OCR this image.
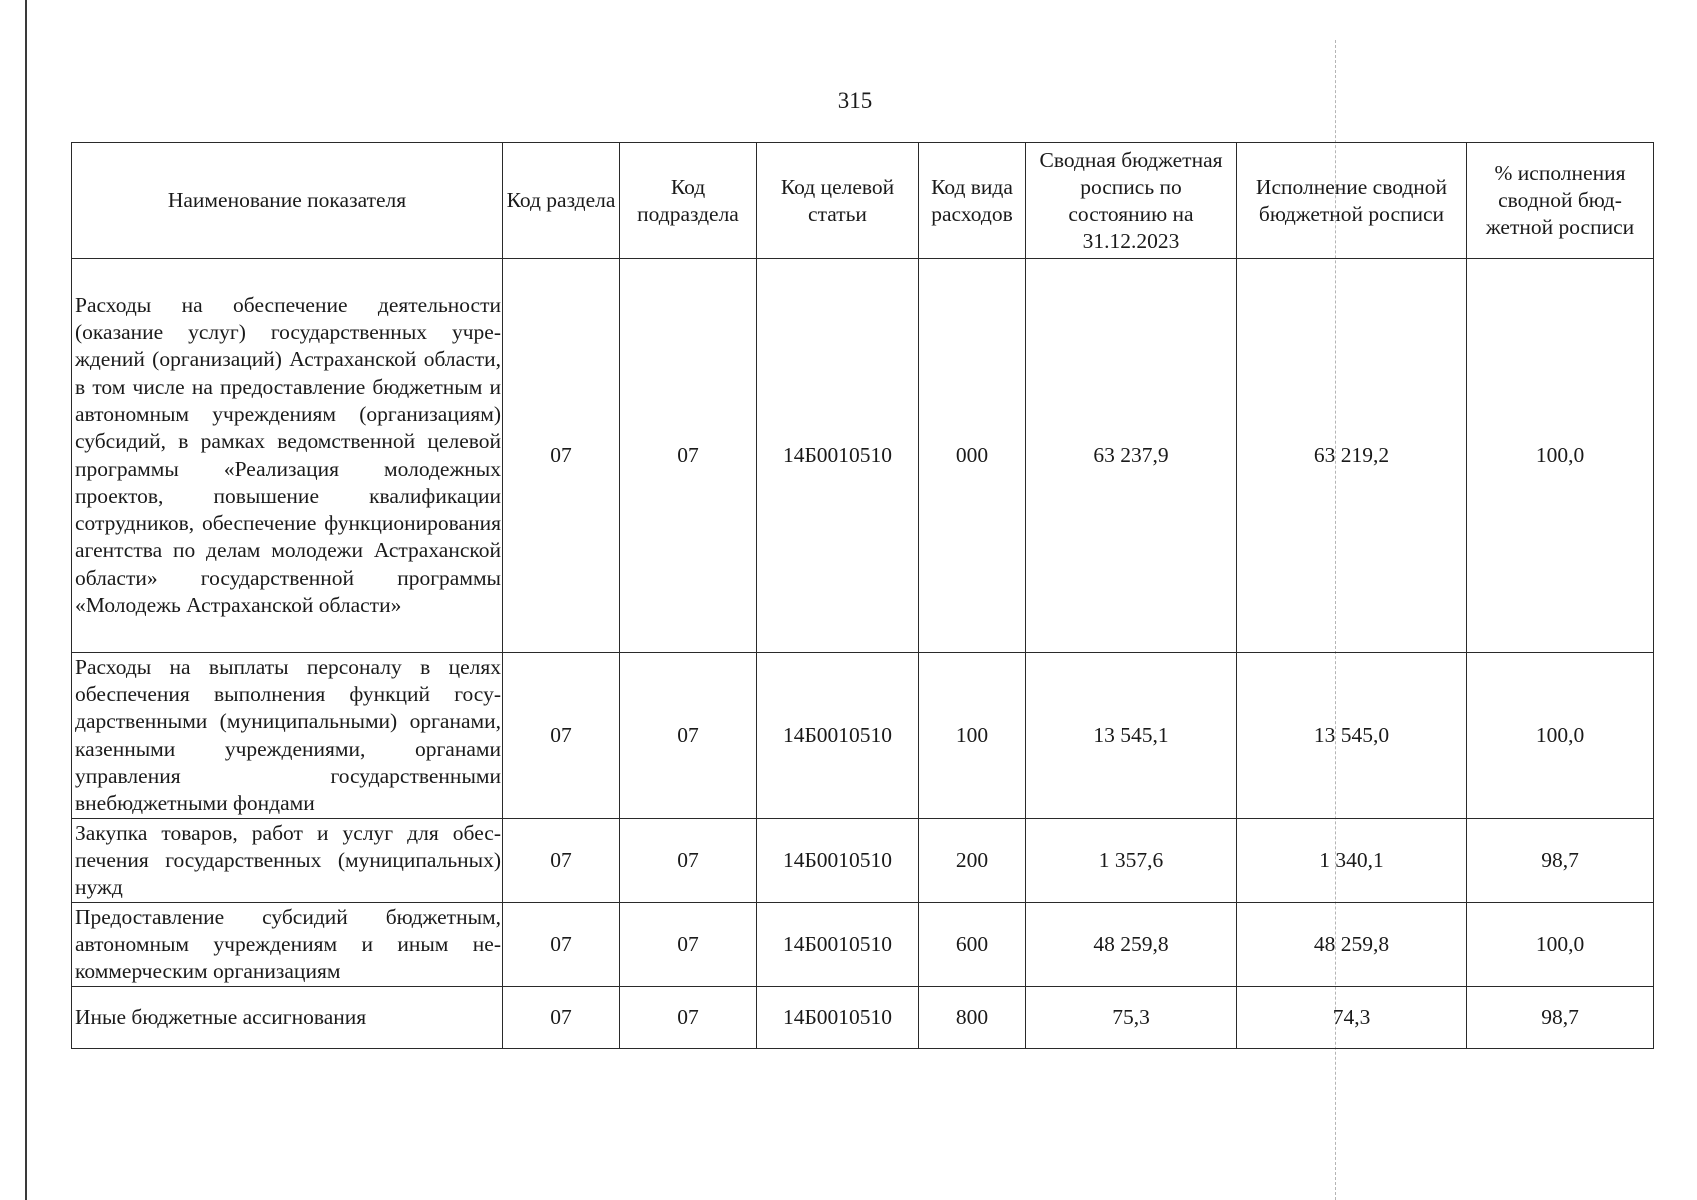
315
Наименование показателя	Код раздела	Код подраздела	Код целевой статьи	Код вида расходов	Сводная бюджетная роспись по состоянию на 31.12.2023	Исполнение сводной бюджетной росписи	% исполнения сводной бюджетной росписи
Расходы на обеспечение деятельности (оказание услуг) государственных учреждений (организаций) Астраханской области, в том числе на предоставление бюджетным и автономным учреждениям (организациям) субсидий, в рамках ведомственной целевой программы «Реализация молодежных проектов, повышение квалификации сотрудников, обеспечение функционирования агентства по делам молодежи Астраханской области» государственной программы «Молодежь Астраханской области»	07	07	14Б0010510	000	63 237,9	63 219,2	100,0
Расходы на выплаты персоналу в целях обеспечения выполнения функций государственными (муниципальными) органами, казенными учреждениями, органами управления государственными внебюджетными фондами	07	07	14Б0010510	100	13 545,1	13 545,0	100,0
Закупка товаров, работ и услуг для обеспечения государственных (муниципальных) нужд	07	07	14Б0010510	200	1 357,6	1 340,1	98,7
Предоставление субсидий бюджетным, автономным учреждениям и иным некоммерческим организациям	07	07	14Б0010510	600	48 259,8	48 259,8	100,0
Иные бюджетные ассигнования	07	07	14Б0010510	800	75,3	74,3	98,7
